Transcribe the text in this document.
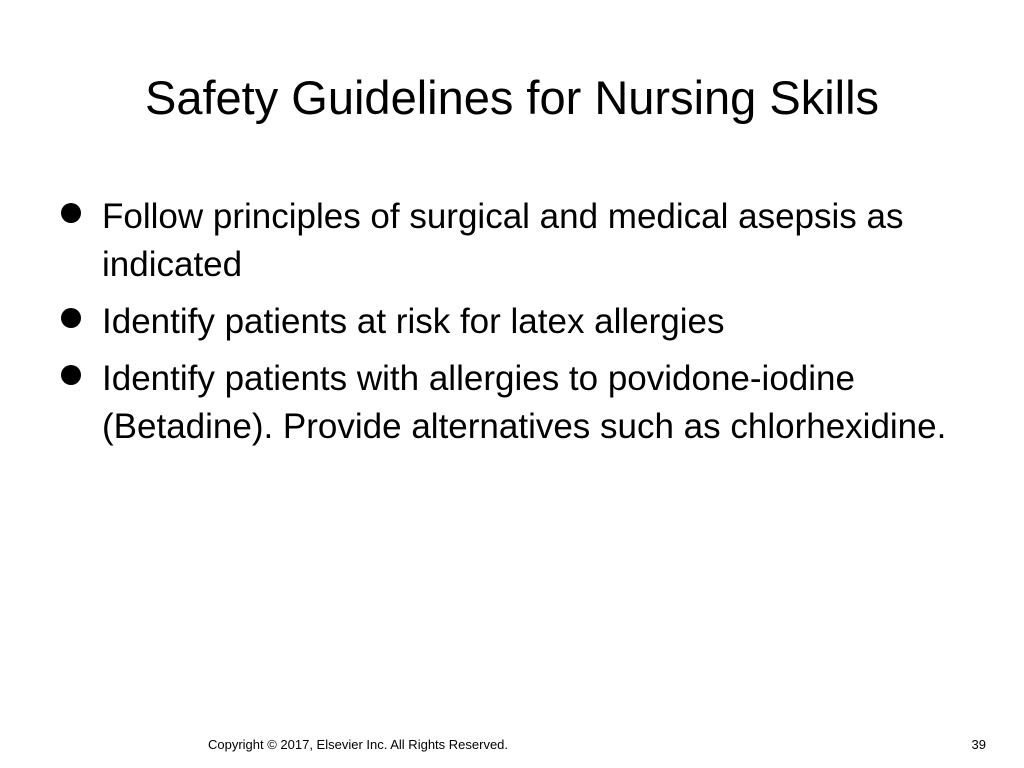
Safety Guidelines for Nursing Skills
Follow principles of surgical and medical asepsis as indicated
Identify patients at risk for latex allergies
Identify patients with allergies to povidone-iodine (Betadine). Provide alternatives such as chlorhexidine.
Copyright © 2017, Elsevier Inc. All Rights Reserved.	39
